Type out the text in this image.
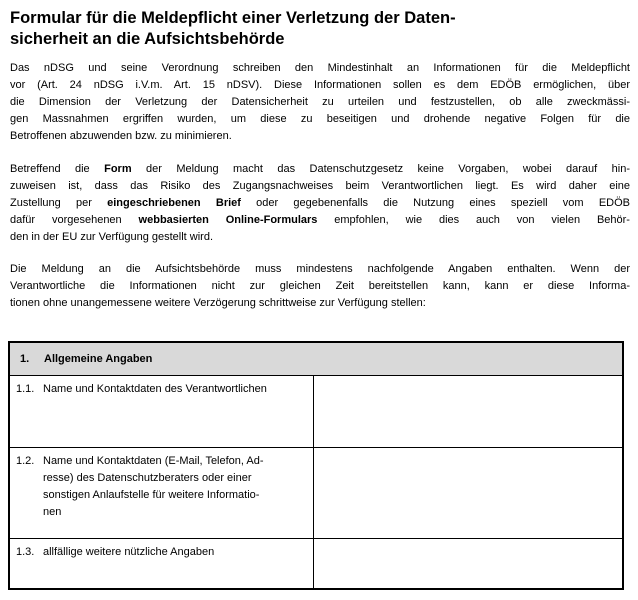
Formular für die Meldepflicht einer Verletzung der Daten-
sicherheit an die Aufsichtsbehörde

Das nDSG und seine Verordnung schreiben den Mindestinhalt an Informationen für die Meldepflicht
vor (Art. 24 nDSG i.V.m. Art. 15 nDSV). Diese Informationen sollen es dem EDÖB ermöglichen, über
die Dimension der Verletzung der Datensicherheit zu urteilen und festzustellen, ob alle zweckmässi-
gen Massnahmen ergriffen wurden, um diese zu beseitigen und drohende negative Folgen für die
Betroffenen abzuwenden bzw. zu minimieren.

Betreffend die Form der Meldung macht das Datenschutzgesetz keine Vorgaben, wobei darauf hin-
zuweisen ist, dass das Risiko des Zugangsnachweises beim Verantwortlichen liegt. Es wird daher eine
Zustellung per eingeschriebenen Brief oder gegebenenfalls die Nutzung eines speziell vom EDÖB
dafür vorgesehenen webbasierten Online-Formulars empfohlen, wie dies auch von vielen Behör-
den in der EU zur Verfügung gestellt wird.

Die Meldung an die Aufsichtsbehörde muss mindestens nachfolgende Angaben enthalten. Wenn der
Verantwortliche die Informationen nicht zur gleichen Zeit bereitstellen kann, kann er diese Informa-
tionen ohne unangemessene weitere Verzögerung schrittweise zur Verfügung stellen:

1. Allgemeine Angaben	

1.1. Name und Kontaktdaten des Verantwortlichen	

1.2. Name und Kontaktdaten (E-Mail, Telefon, Ad-
resse) des Datenschutzberaters oder einer
sonstigen Anlaufstelle für weitere Informatio-
nen	

1.3. allfällige weitere nützliche Angaben	
